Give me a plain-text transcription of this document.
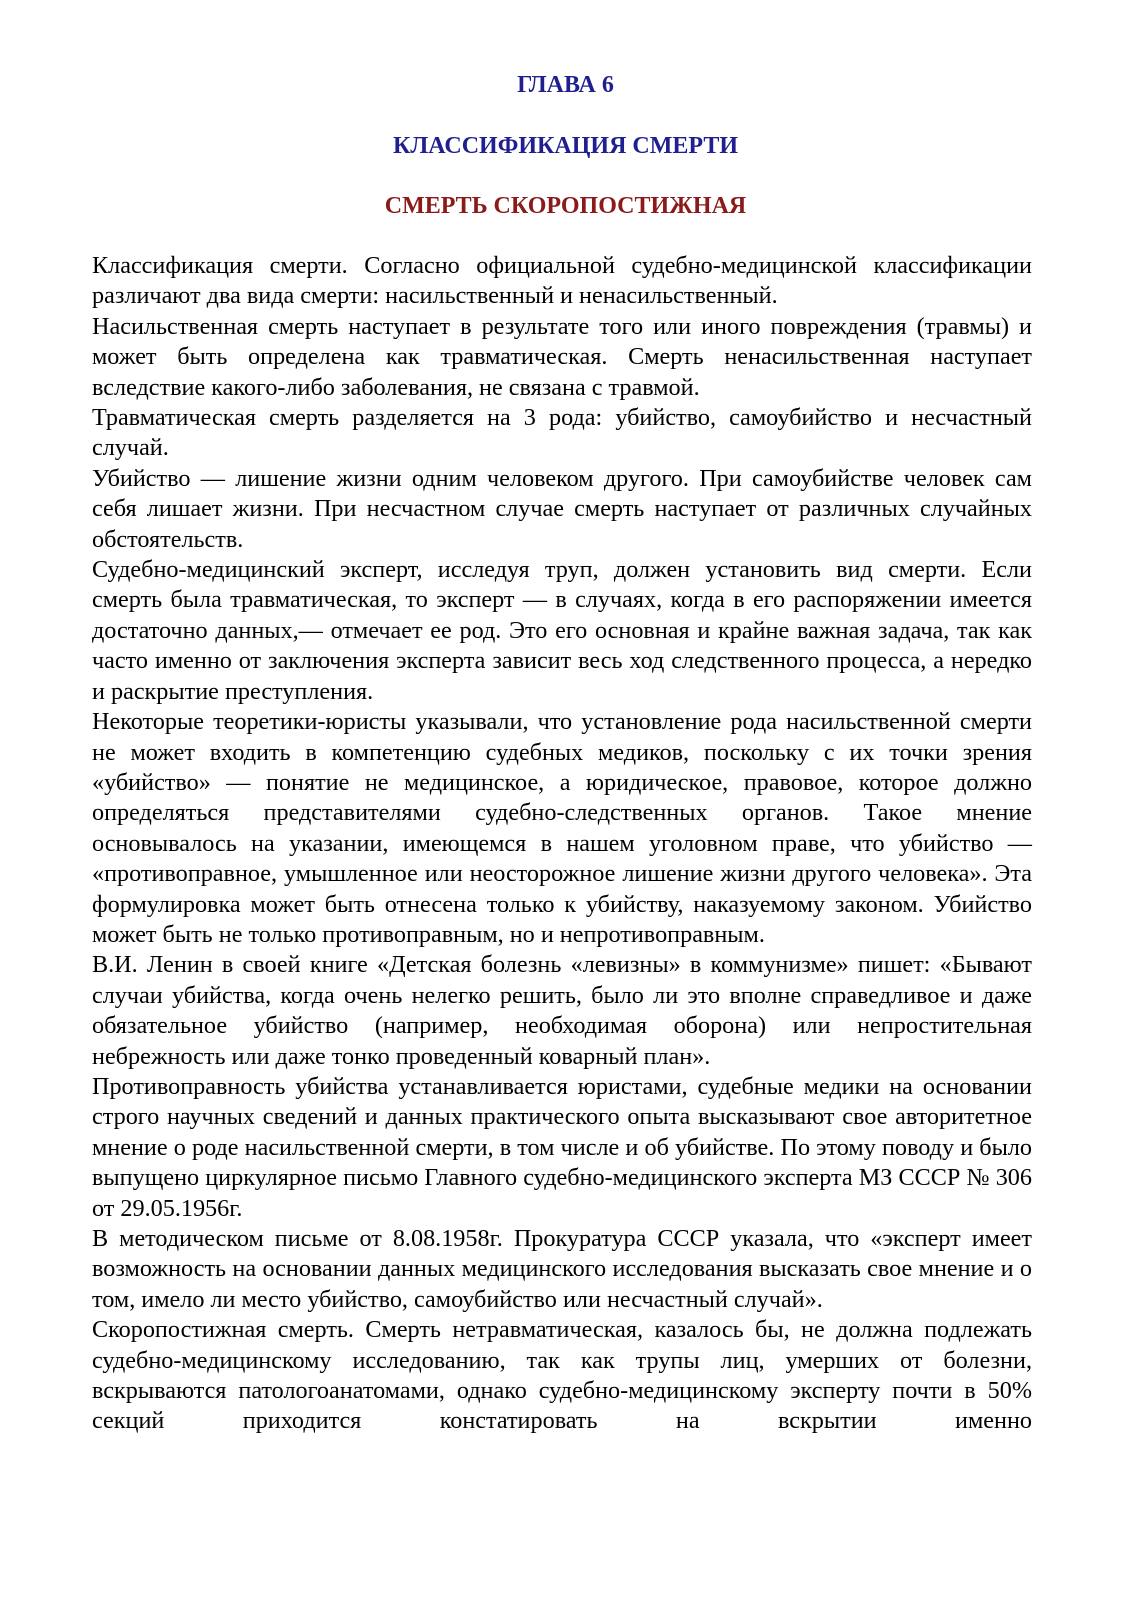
ГЛАВА 6
КЛАССИФИКАЦИЯ СМЕРТИ
СМЕРТЬ СКОРОПОСТИЖНАЯ

Классификация смерти. Согласно официальной судебно-медицинской классификации различают два вида смерти: насильственный и ненасильственный.

Насильственная смерть наступает в результате того или иного повреждения (травмы) и может быть определена как травматическая. Смерть ненасильственная наступает вследствие какого-либо заболевания, не связана с травмой.

Травматическая смерть разделяется на 3 рода: убийство, самоубийство и несчастный случай.

Убийство — лишение жизни одним человеком другого. При самоубийстве человек сам себя лишает жизни. При несчастном случае смерть наступает от различных случайных обстоятельств.

Судебно-медицинский эксперт, исследуя труп, должен установить вид смерти. Если смерть была травматическая, то эксперт — в случаях, когда в его распоряжении имеется достаточно данных,— отмечает ее род. Это его основная и крайне важная задача, так как часто именно от заключения эксперта зависит весь ход следственного процесса, а нередко и раскрытие преступления.

Некоторые теоретики-юристы указывали, что установление рода насильственной смерти не может входить в компетенцию судебных медиков, поскольку с их точки зрения «убийство» — понятие не медицинское, а юридическое, правовое, которое должно определяться представителями судебно-следственных органов. Такое мнение основывалось на указании, имеющемся в нашем уголовном праве, что убийство — «противоправное, умышленное или неосторожное лишение жизни другого человека». Эта формулировка может быть отнесена только к убийству, наказуемому законом. Убийство может быть не только противоправным, но и непротивоправным.

В.И. Ленин в своей книге «Детская болезнь «левизны» в коммунизме» пишет: «Бывают случаи убийства, когда очень нелегко решить, было ли это вполне справедливое и даже обязательное убийство (например, необходимая оборона) или непростительная небрежность или даже тонко проведенный коварный план».

Противоправность убийства устанавливается юристами, судебные медики на основании строго научных сведений и данных практического опыта высказывают свое авторитетное мнение о роде насильственной смерти, в том числе и об убийстве. По этому поводу и было выпущено циркулярное письмо Главного судебно-медицинского эксперта МЗ СССР № 306 от 29.05.1956г.

В методическом письме от 8.08.1958г. Прокуратура СССР указала, что «эксперт имеет возможность на основании данных медицинского исследования высказать свое мнение и о том, имело ли место убийство, самоубийство или несчастный случай».

Скоропостижная смерть. Смерть нетравматическая, казалось бы, не должна подлежать судебно-медицинскому исследованию, так как трупы лиц, умерших от болезни, вскрываются патологоанатомами, однако судебно-медицинскому эксперту почти в 50% секций приходится констатировать на вскрытии именно
